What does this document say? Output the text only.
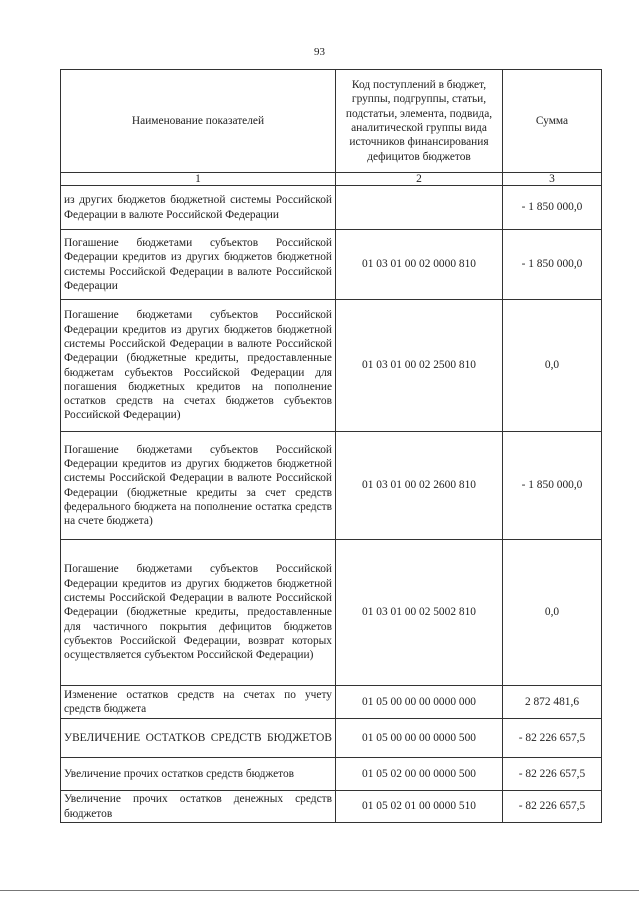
93
Наименование показателей	Код поступлений в бюджет, группы, подгруппы, статьи, подстатьи, элемента, подвида, аналитической группы вида источников финансирования дефицитов бюджетов	Сумма
1	2	3
из других бюджетов бюджетной системы Российской Федерации в валюте Российской Федерации		- 1 850 000,0
Погашение бюджетами субъектов Российской Федерации кредитов из других бюджетов бюджетной системы Российской Федерации в валюте Российской Федерации	01 03 01 00 02 0000 810	- 1 850 000,0
Погашение бюджетами субъектов Российской Федерации кредитов из других бюджетов бюджетной системы Российской Федерации в валюте Российской Федерации (бюджетные кредиты, предоставленные бюджетам субъектов Российской Федерации для погашения бюджетных кредитов на пополнение остатков средств на счетах бюджетов субъектов Российской Федерации)	01 03 01 00 02 2500 810	0,0
Погашение бюджетами субъектов Российской Федерации кредитов из других бюджетов бюджетной системы Российской Федерации в валюте Российской Федерации (бюджетные кредиты за счет средств федерального бюджета на пополнение остатка средств на счете бюджета)	01 03 01 00 02 2600 810	- 1 850 000,0
Погашение бюджетами субъектов Российской Федерации кредитов из других бюджетов бюджетной системы Российской Федерации в валюте Российской Федерации (бюджетные кредиты, предоставленные для частичного покрытия дефицитов бюджетов субъектов Российской Федерации, возврат которых осуществляется субъектом Российской Федерации)	01 03 01 00 02 5002 810	0,0
Изменение остатков средств на счетах по учету средств бюджета	01 05 00 00 00 0000 000	2 872 481,6
УВЕЛИЧЕНИЕ ОСТАТКОВ СРЕДСТВ БЮДЖЕТОВ	01 05 00 00 00 0000 500	- 82 226 657,5
Увеличение прочих остатков средств бюджетов	01 05 02 00 00 0000 500	- 82 226 657,5
Увеличение прочих остатков денежных средств бюджетов	01 05 02 01 00 0000 510	- 82 226 657,5
